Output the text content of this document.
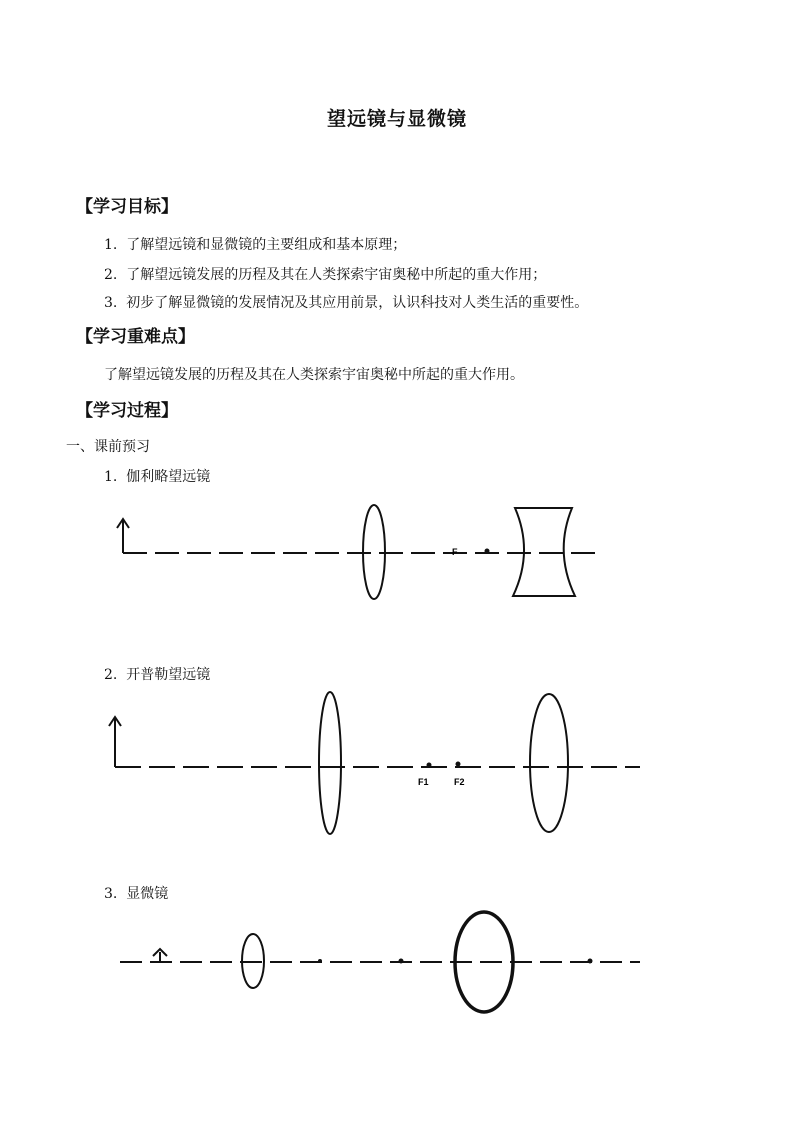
望远镜与显微镜
【学习目标】
1. 了解望远镜和显微镜的主要组成和基本原理；
2. 了解望远镜发展的历程及其在人类探索宇宙奥秘中所起的重大作用；
3. 初步了解显微镜的发展情况及其应用前景，认识科技对人类生活的重要性。
【学习重难点】
了解望远镜发展的历程及其在人类探索宇宙奥秘中所起的重大作用。
【学习过程】
一、课前预习
1. 伽利略望远镜
F
2. 开普勒望远镜
F1	F2
3. 显微镜
